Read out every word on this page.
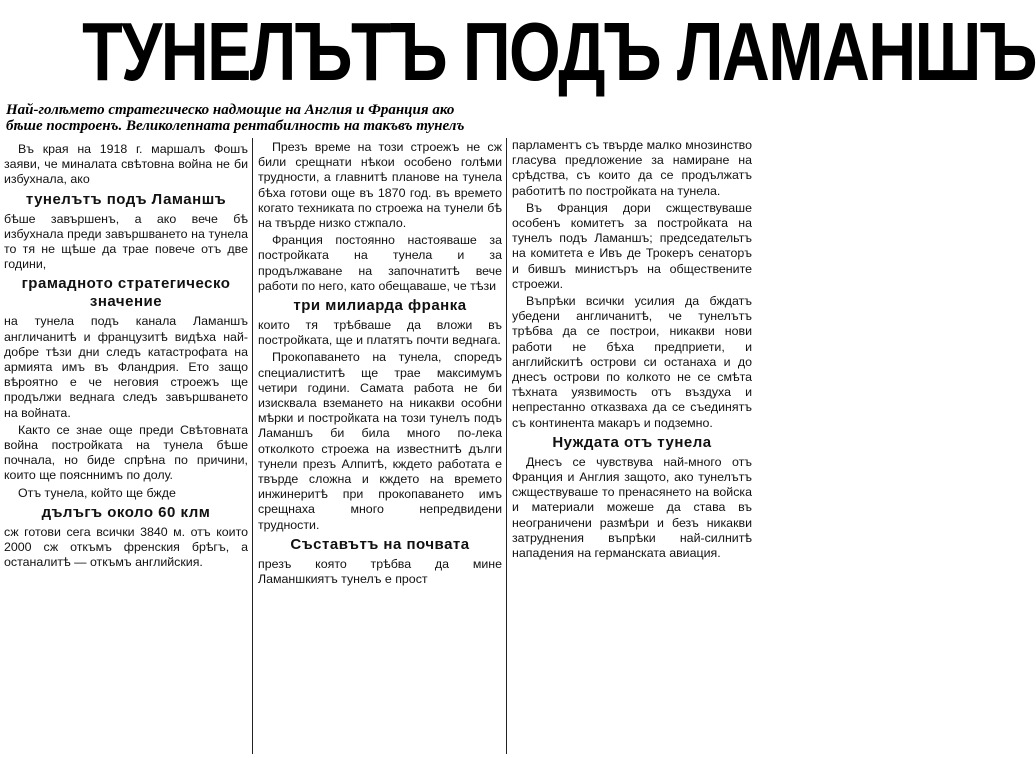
ТУНЕЛЪТЪ ПОДЪ ЛАМАНШЪ
Най-голѣмето стратегическо надмощие на Англия и Франция ако
бѣше построенъ. Великолепната рентабилность на такъвъ тунелъ
Въ края на 1918 г. маршалъ Фошъ заяви, че миналата свѣтовна война не би избухнала, ако
тунелътъ подъ Ламаншъ
бѣше завършенъ, а ако вече бѣ избухнала преди завършването на тунела то тя не щѣше да трае повече отъ две години,
грамадното стратегическо значение
на тунела подъ канала Ламаншъ англичанитѣ и французитѣ видѣха най-добре тѣзи дни следъ катастрофата на армията имъ въ Фландрия. Ето защо вѣроятно е че неговия строежъ ще продължи веднага следъ завършването на войната.
Както се знае още преди Свѣтовната война постройката на тунела бѣше почнала, но биде спрѣна по причини, които ще поясннимъ по долу.
Отъ тунела, който ще бжде
дълъгъ около 60 клм
сж готови сега всички 3840 м. отъ които 2000 сж откъмъ френския брѣгъ, а останалитѣ — откъмъ английския.
Презъ време на този строежъ не сж били срещнати нѣкои особено голѣми трудности, а главнитѣ планове на тунела бѣха готови още въ 1870 год. въ времето когато техниката по строежа на тунели бѣ на твърде низко стжпало.
Франция постоянно настояваше за постройката на тунела и за продължаване на започнатитѣ вече работи по него, като обещаваше, че тѣзи
три милиарда франка
които тя трѣбваше да вложи въ постройката, ще и платятъ почти веднага.
Прокопаването на тунела, споредъ специалиститѣ ще трае максимумъ четири години. Самата работа не би изисквала вземането на никакви особни мѣрки и постройката на този тунелъ подъ Ламаншъ би била много по-лека отколкото строежа на известнитѣ дълги тунели презъ Алпитѣ, кждето работата е твърде сложна и кждето на времето инжинеритѣ при прокопаването имъ срещнаха много непредвидени трудности.
Съставътъ на почвата
презъ която трѣбва да мине Ламаншкиятъ тунелъ е прост
парламентъ съ твърде малко мнозинство гласува предложение за намиране на срѣдства, съ които да се продължатъ работитѣ по постройката на тунела.
Въ Франция дори сжществуваше особенъ комитетъ за постройката на тунелъ подъ Ламаншъ; председательтъ на комитета е Ивъ де Трокеръ сенаторъ и бившъ министъръ на обществените строежи.
Въпрѣки всички усилия да бждатъ убедени англичанитѣ, че тунелътъ трѣбва да се построи, никакви нови работи не бѣха предприети, и английскитѣ острови си останаха и до днесъ острови по колкото не се смѣта тѣхната уязвимость отъ въздуха и непрестанно отказваха да се съединятъ съ континента макаръ и подземно.
Нуждата отъ тунела
Днесъ се чувствува най-много отъ Франция и Англия защото, ако тунелътъ сжществуваше то пренасянето на войска и материали можеше да става въ неограничени размѣри и безъ никакви затруднения въпрѣки най-силнитѣ нападения на германската авиация.
